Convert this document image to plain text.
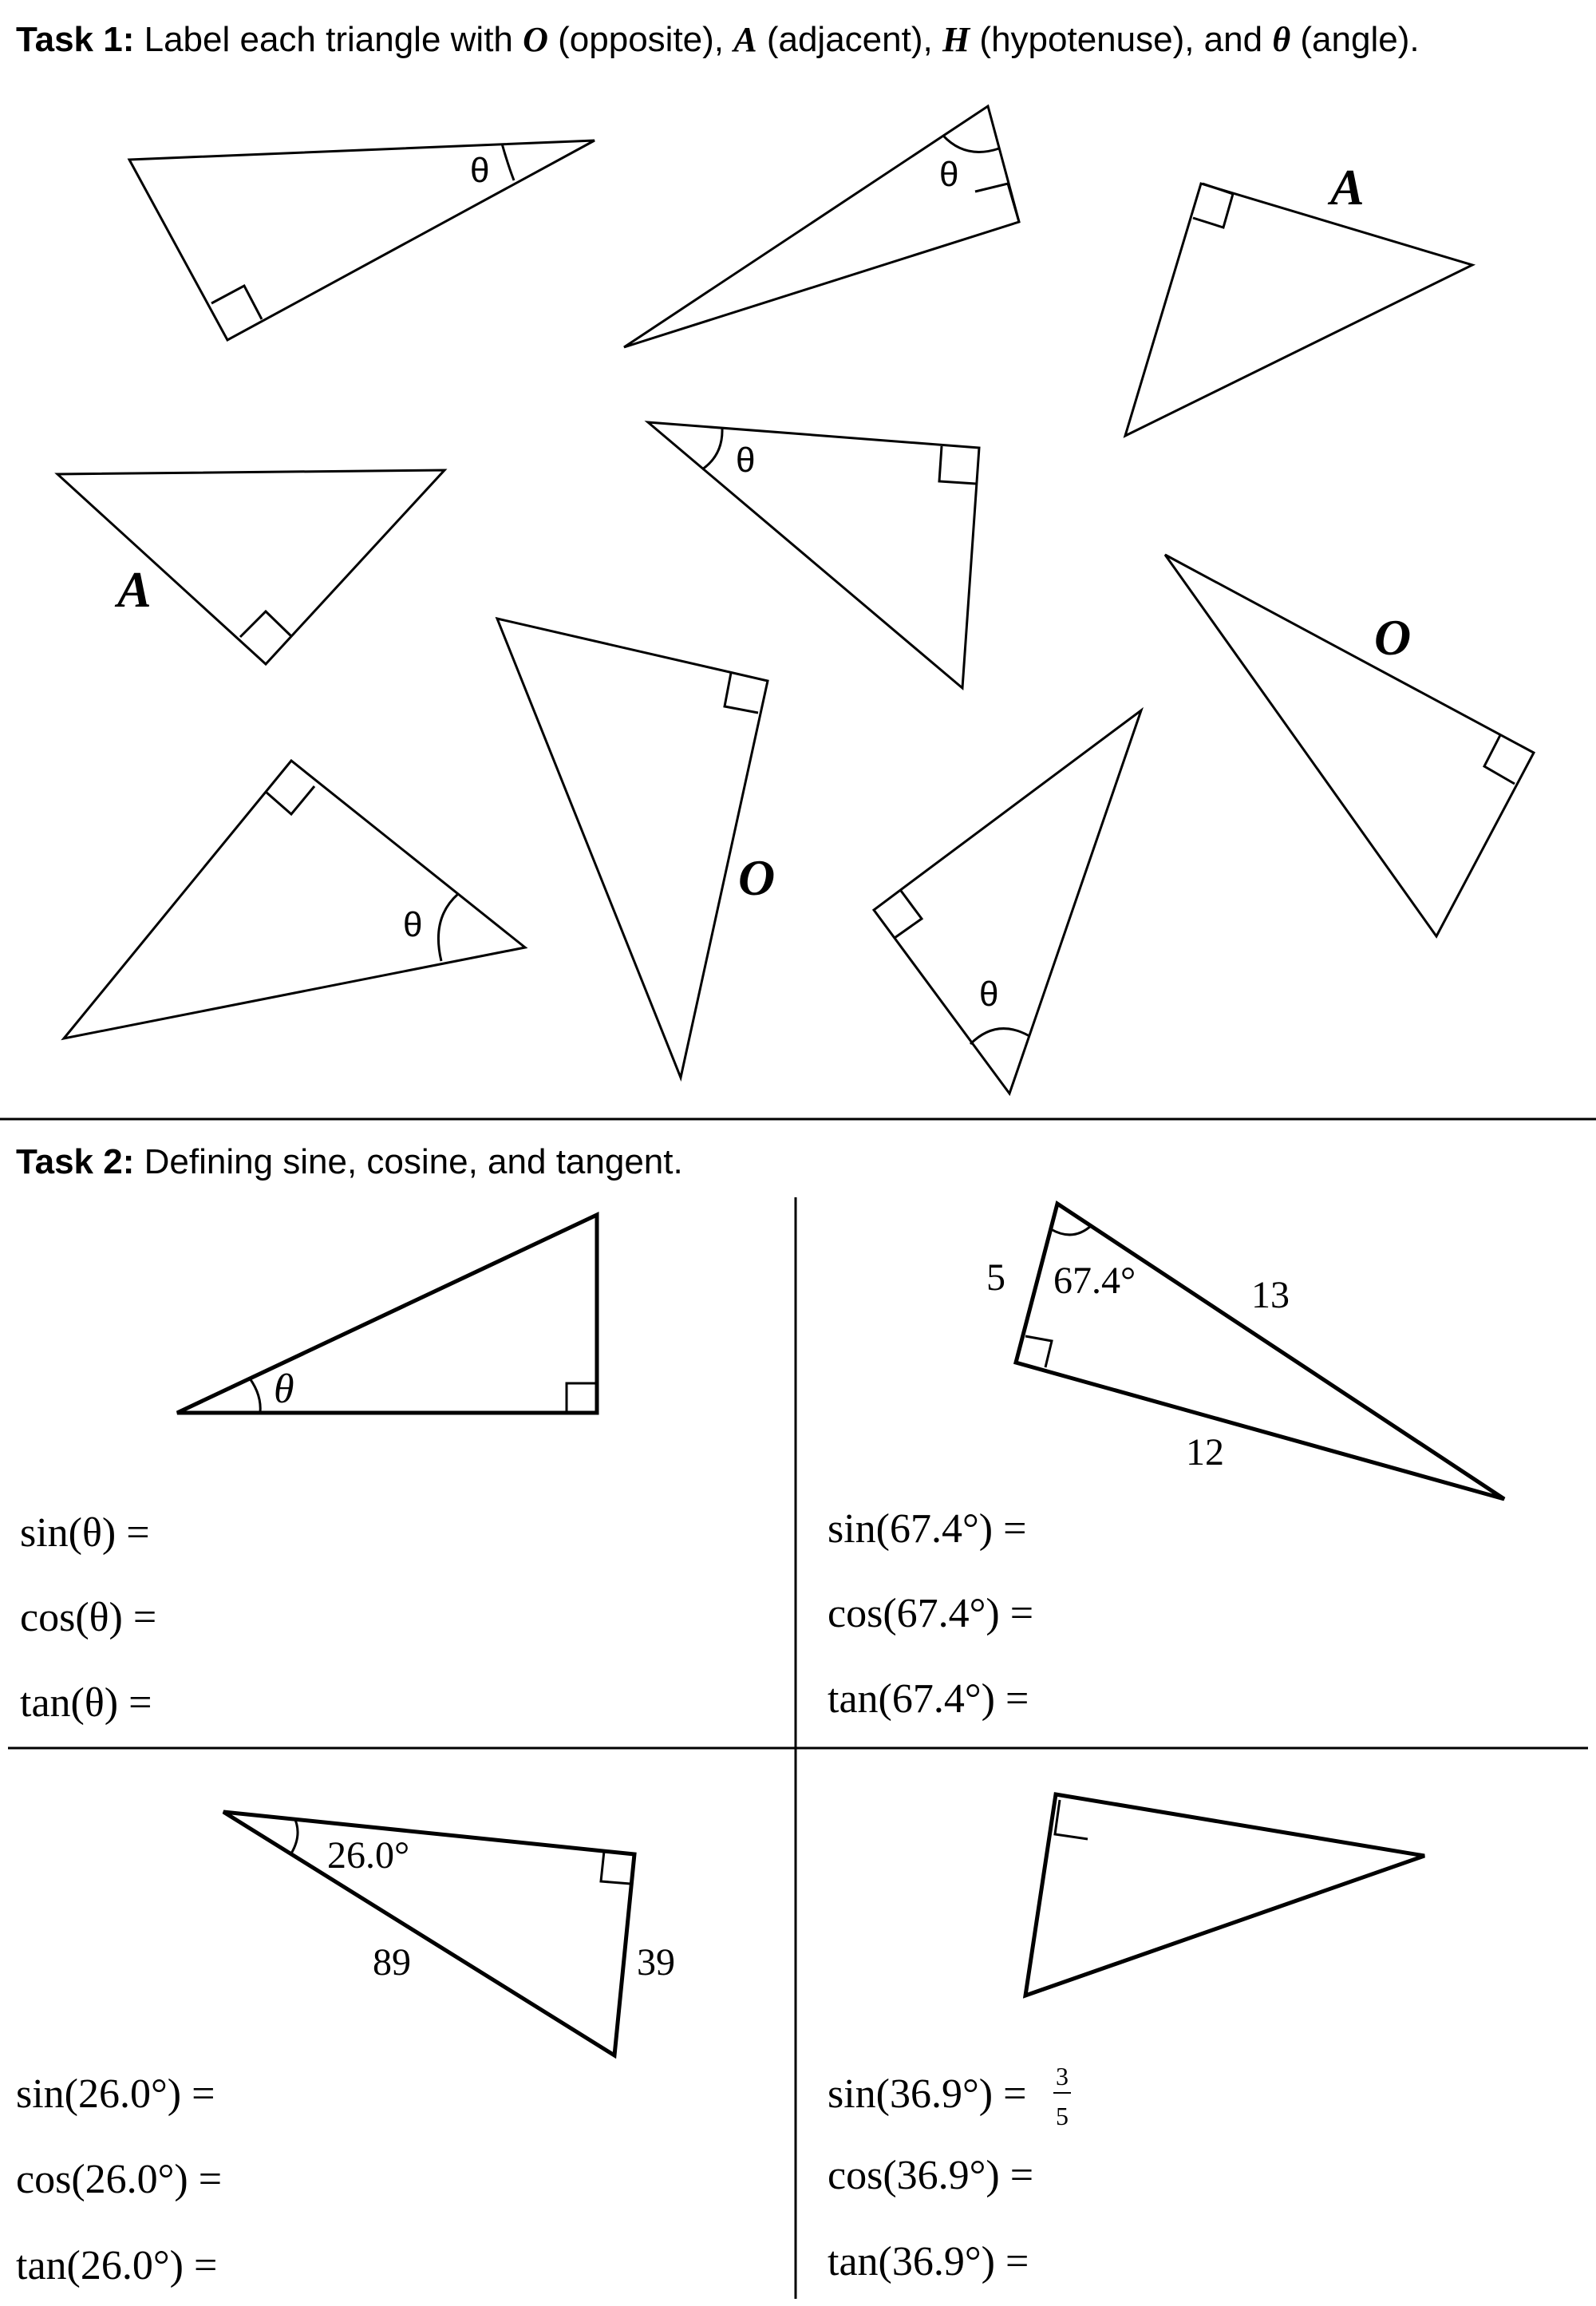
Task 1: Label each triangle with O (opposite), A (adjacent), H (hypotenuse), and θ (angle).
θ	θ	A
A
θ
O
θ
O
θ
Task 2: Defining sine, cosine, and tangent.
θ
sin(θ) =
cos(θ) =
tan(θ) =
67.4°
5	13
12
sin(67.4°) =
cos(67.4°) =
tan(67.4°) =
26.0°
89	39
sin(26.0°) =
cos(26.0°) =
tan(26.0°) =
sin(36.9°) = 3
5
cos(36.9°) =
tan(36.9°) =
